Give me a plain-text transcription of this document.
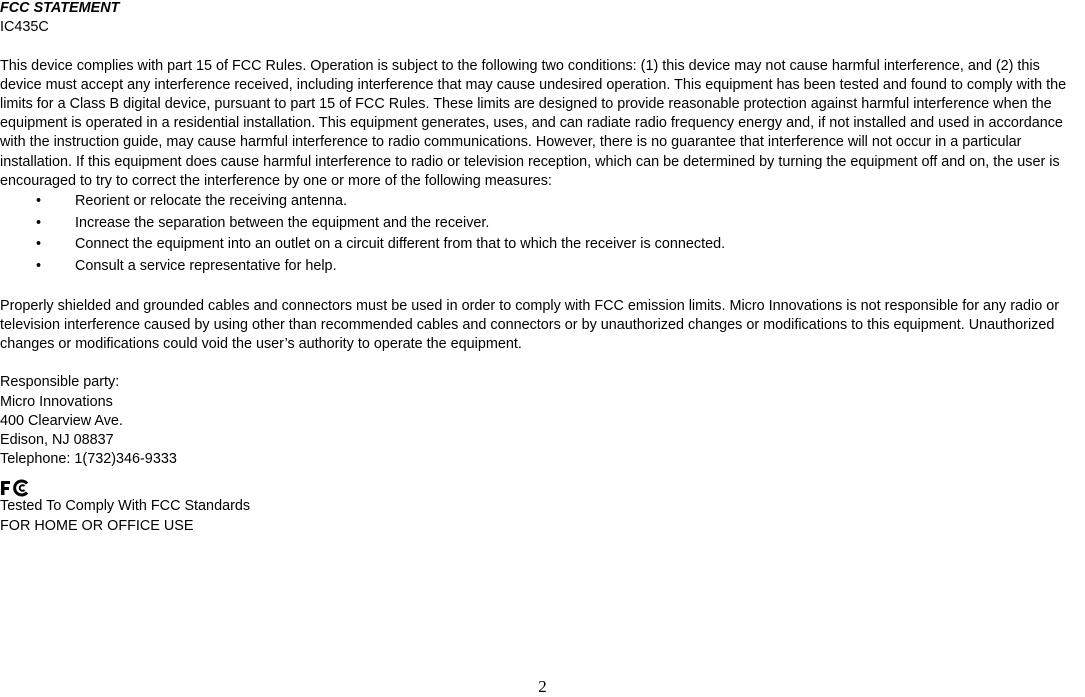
FCC STATEMENT

IC435C

This device complies with part 15 of FCC Rules. Operation is subject to the following two conditions: (1) this device may not cause harmful interference, and (2) this device must accept any interference received, including interference that may cause undesired operation. This equipment has been tested and found to comply with the limits for a Class B digital device, pursuant to part 15 of FCC Rules. These limits are designed to provide reasonable protection against harmful interference when the equipment is operated in a residential installation. This equipment generates, uses, and can radiate radio frequency energy and, if not installed and used in accordance with the instruction guide, may cause harmful interference to radio communications. However, there is no guarantee that interference will not occur in a particular installation. If this equipment does cause harmful interference to radio or television reception, which can be determined by turning the equipment off and on, the user is encouraged to try to correct the interference by one or more of the following measures:

• Reorient or relocate the receiving antenna.
• Increase the separation between the equipment and the receiver.
• Connect the equipment into an outlet on a circuit different from that to which the receiver is connected.
• Consult a service representative for help.

Properly shielded and grounded cables and connectors must be used in order to comply with FCC emission limits. Micro Innovations is not responsible for any radio or television interference caused by using other than recommended cables and connectors or by unauthorized changes or modifications to this equipment. Unauthorized changes or modifications could void the user’s authority to operate the equipment.

Responsible party:

Micro Innovations

400 Clearview Ave.

Edison, NJ 08837

Telephone: 1(732)346-9333

Tested To Comply With FCC Standards

FOR HOME OR OFFICE USE

2
